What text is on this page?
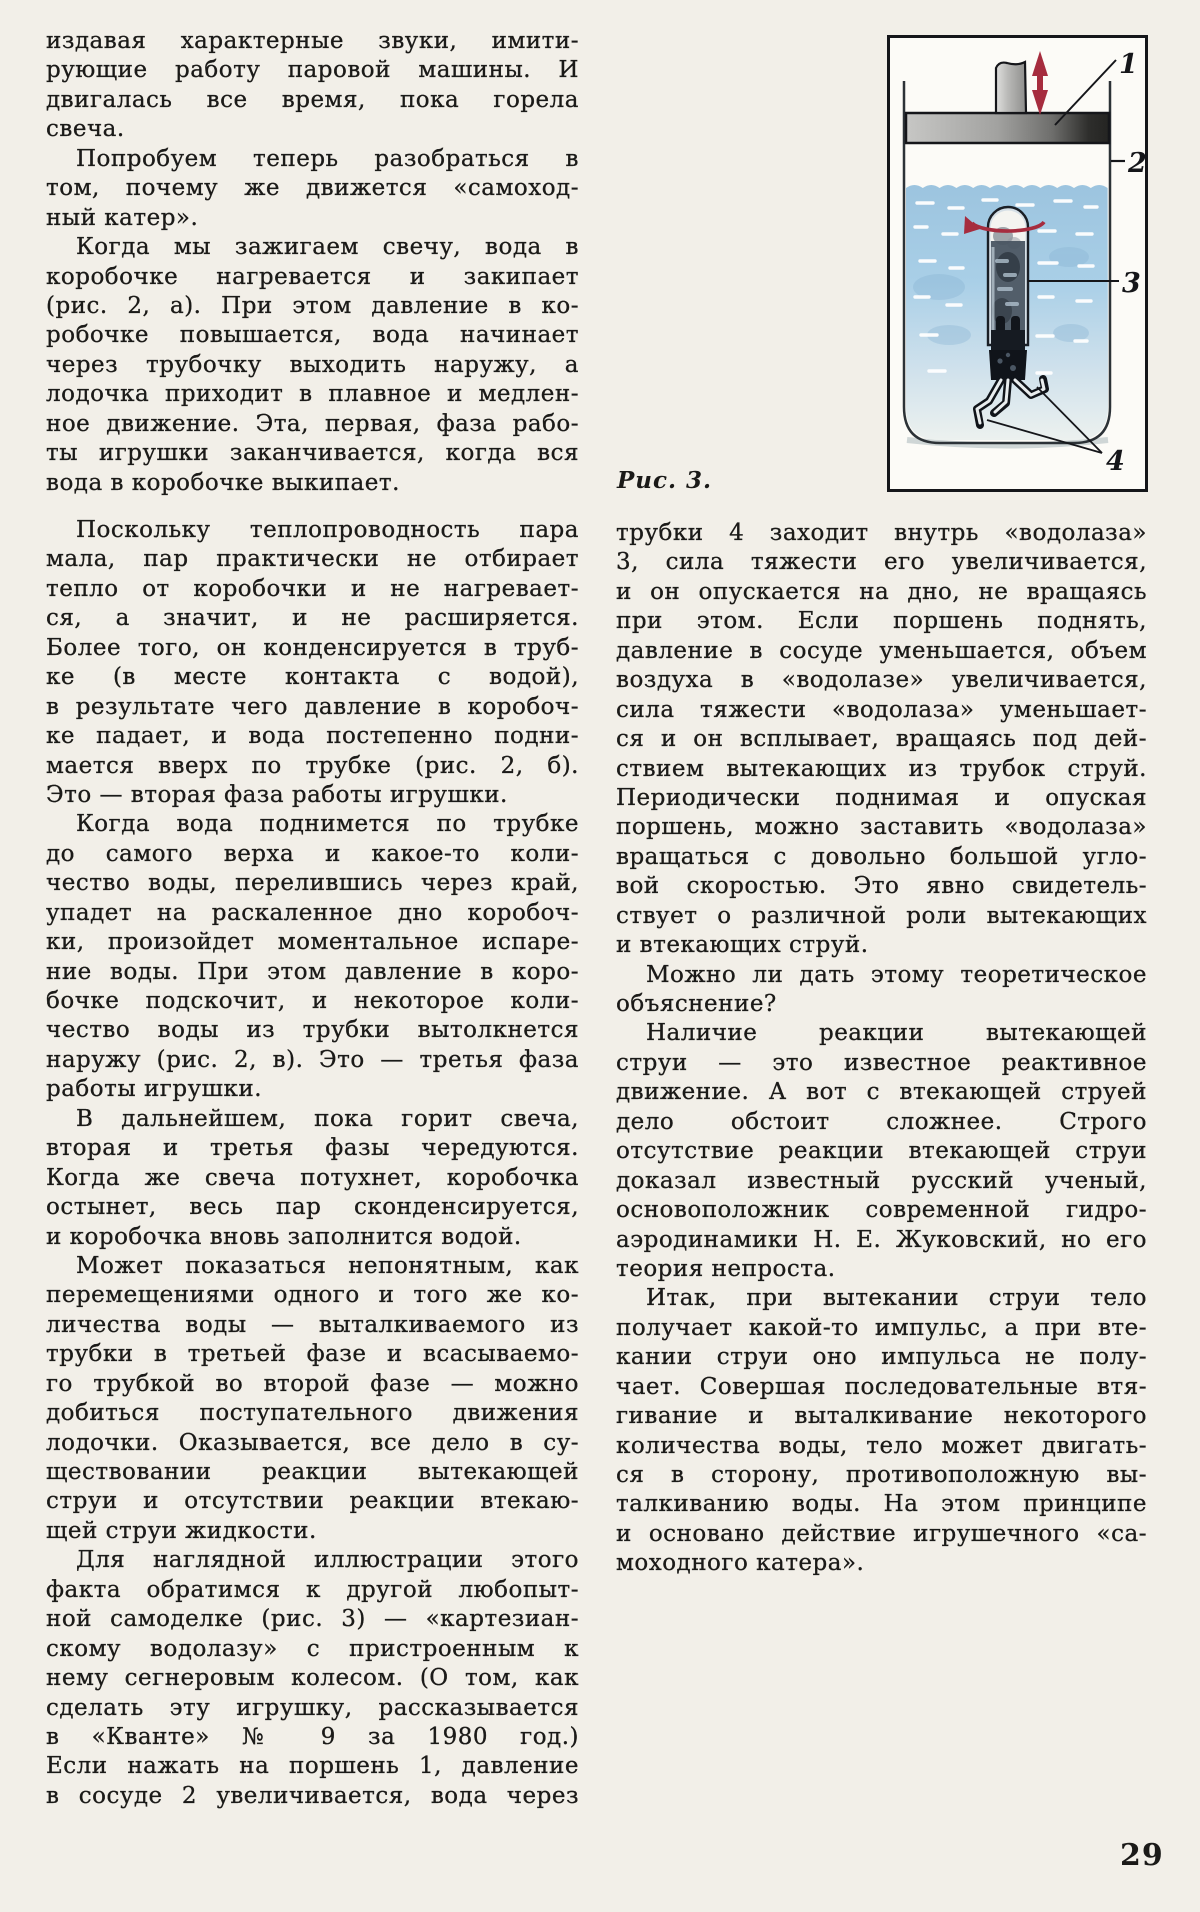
издавая характерные звуки, имити-
рующие работу паровой машины. И
двигалась все время, пока горела
свеча.
Попробуем теперь разобраться в
том, почему же движется «самоход-
ный катер».
Когда мы зажигаем свечу, вода в
коробочке нагревается и закипает
(рис. 2, а). При этом давление в ко-
робочке повышается, вода начинает
через трубочку выходить наружу, а
лодочка приходит в плавное и медлен-
ное движение. Эта, первая, фаза рабо-
ты игрушки заканчивается, когда вся
вода в коробочке выкипает.
Поскольку теплопроводность пара
мала, пар практически не отбирает
тепло от коробочки и не нагревает-
ся, а значит, и не расширяется.
Более того, он конденсируется в труб-
ке (в месте контакта с водой),
в результате чего давление в коробоч-
ке падает, и вода постепенно подни-
мается вверх по трубке (рис. 2, б).
Это — вторая фаза работы игрушки.
Когда вода поднимется по трубке
до самого верха и какое-то коли-
чество воды, перелившись через край,
упадет на раскаленное дно коробоч-
ки, произойдет моментальное испаре-
ние воды. При этом давление в коро-
бочке подскочит, и некоторое коли-
чество воды из трубки вытолкнется
наружу (рис. 2, в). Это — третья фаза
работы игрушки.
В дальнейшем, пока горит свеча,
вторая и третья фазы чередуются.
Когда же свеча потухнет, коробочка
остынет, весь пар сконденсируется,
и коробочка вновь заполнится водой.
Может показаться непонятным, как
перемещениями одного и того же ко-
личества воды — выталкиваемого из
трубки в третьей фазе и всасываемо-
го трубкой во второй фазе — можно
добиться поступательного движения
лодочки. Оказывается, все дело в су-
ществовании реакции вытекающей
струи и отсутствии реакции втекаю-
щей струи жидкости.
Для наглядной иллюстрации этого
факта обратимся к другой любопыт-
ной самоделке (рис. 3) — «картезиан-
скому водолазу» с пристроенным к
нему сегнеровым колесом. (О том, как
сделать эту игрушку, рассказывается
в «Кванте» № 9 за 1980 год.)
Если нажать на поршень 1, давление
в сосуде 2 увеличивается, вода через
трубки 4 заходит внутрь «водолаза»
3, сила тяжести его увеличивается,
и он опускается на дно, не вращаясь
при этом. Если поршень поднять,
давление в сосуде уменьшается, объем
воздуха в «водолазе» увеличивается,
сила тяжести «водолаза» уменьшает-
ся и он всплывает, вращаясь под дей-
ствием вытекающих из трубок струй.
Периодически поднимая и опуская
поршень, можно заставить «водолаза»
вращаться с довольно большой угло-
вой скоростью. Это явно свидетель-
ствует о различной роли вытекающих
и втекающих струй.
Можно ли дать этому теоретическое
объяснение?
Наличие реакции вытекающей
струи — это известное реактивное
движение. А вот с втекающей струей
дело обстоит сложнее. Строго
отсутствие реакции втекающей струи
доказал известный русский ученый,
основоположник современной гидро-
аэродинамики Н. Е. Жуковский, но его
теория непроста.
Итак, при вытекании струи тело
получает какой-то импульс, а при вте-
кании струи оно импульса не полу-
чает. Совершая последовательные втя-
гивание и выталкивание некоторого
количества воды, тело может двигать-
ся в сторону, противоположную вы-
талкиванию воды. На этом принципе
и основано действие игрушечного «са-
моходного катера».
1
2
3
4
Рис. 3.
29
